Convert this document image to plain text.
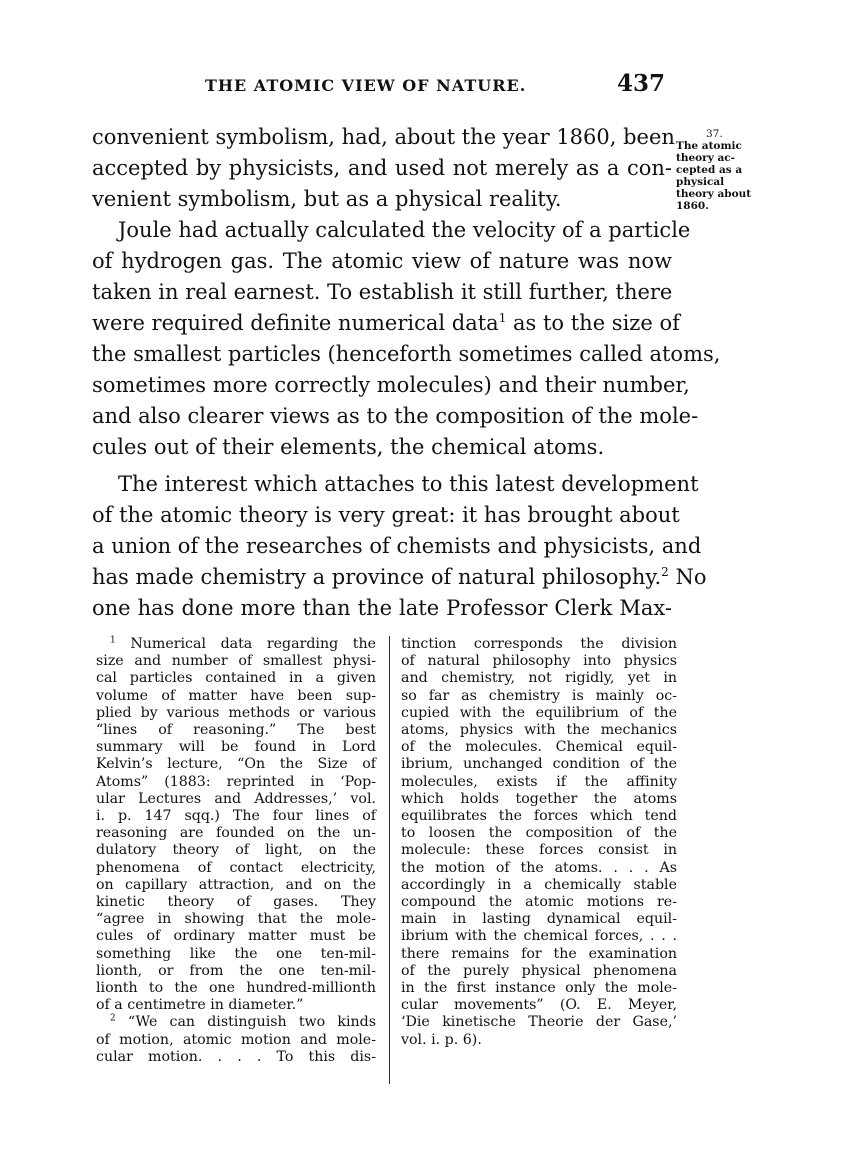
THE ATOMIC VIEW OF NATURE.	437
37.
The atomic
theory ac-
cepted as a
physical
theory about
1860.
convenient symbolism, had, about the year 1860, been
accepted by physicists, and used not merely as a con-
venient symbolism, but as a physical reality.
Joule had actually calculated the velocity of a particle
of hydrogen gas. The atomic view of nature was now
taken in real earnest. To establish it still further, there
were required definite numerical data$^1$ as to the size of
the smallest particles (henceforth sometimes called atoms,
sometimes more correctly molecules) and their number,
and also clearer views as to the composition of the mole-
cules out of their elements, the chemical atoms.
The interest which attaches to this latest development
of the atomic theory is very great: it has brought about
a union of the researches of chemists and physicists, and
has made chemistry a province of natural philosophy.$^2$ No
one has done more than the late Professor Clerk Max-
$^1$ Numerical data regarding the
size and number of smallest physi-
cal particles contained in a given
volume of matter have been sup-
plied by various methods or various
“lines of reasoning.” The best
summary will be found in Lord
Kelvin’s lecture, “On the Size of
Atoms” (1883: reprinted in ‘Pop-
ular Lectures and Addresses,’ vol.
i. p. 147 sqq.) The four lines of
reasoning are founded on the un-
dulatory theory of light, on the
phenomena of contact electricity,
on capillary attraction, and on the
kinetic theory of gases. They
“agree in showing that the mole-
cules of ordinary matter must be
something like the one ten-mil-
lionth, or from the one ten-mil-
lionth to the one hundred-millionth
of a centimetre in diameter.”
$^2$ “We can distinguish two kinds
of motion, atomic motion and mole-
cular motion. . . . To this dis-
tinction corresponds the division
of natural philosophy into physics
and chemistry, not rigidly, yet in
so far as chemistry is mainly oc-
cupied with the equilibrium of the
atoms, physics with the mechanics
of the molecules. Chemical equil-
ibrium, unchanged condition of the
molecules, exists if the affinity
which holds together the atoms
equilibrates the forces which tend
to loosen the composition of the
molecule: these forces consist in
the motion of the atoms. . . . As
accordingly in a chemically stable
compound the atomic motions re-
main in lasting dynamical equil-
ibrium with the chemical forces, . . .
there remains for the examination
of the purely physical phenomena
in the first instance only the mole-
cular movements” (O. E. Meyer,
‘Die kinetische Theorie der Gase,’
vol. i. p. 6).
